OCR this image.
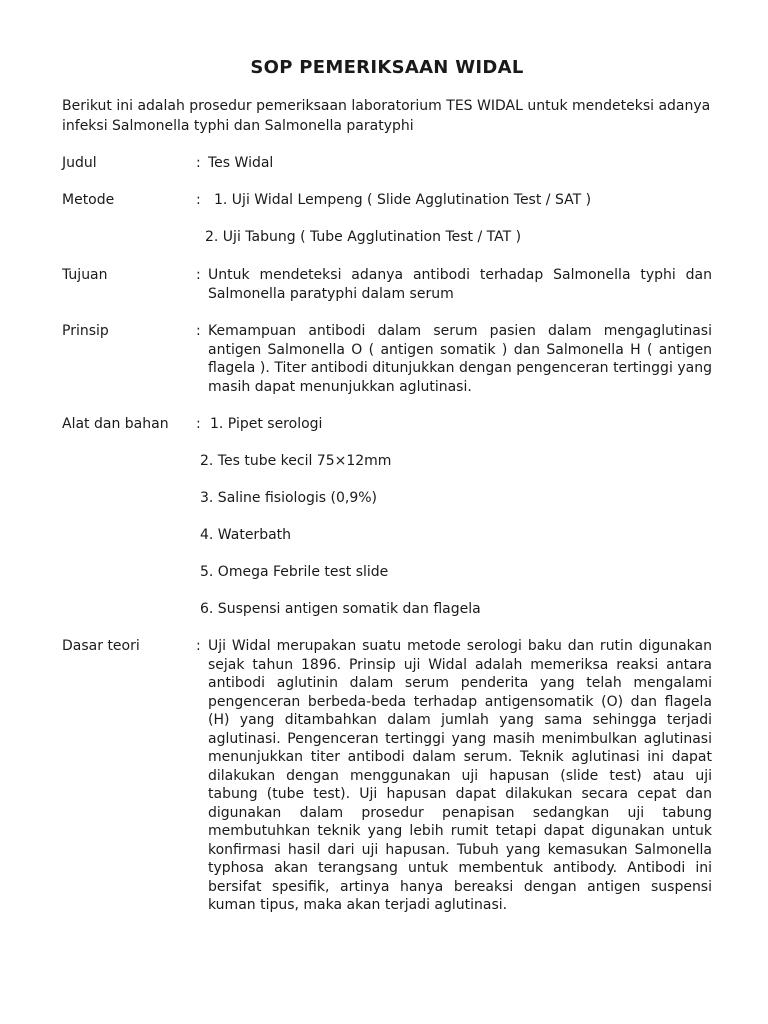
SOP PEMERIKSAAN WIDAL

Berikut ini adalah prosedur pemeriksaan laboratorium TES WIDAL untuk mendeteksi adanya infeksi Salmonella typhi dan Salmonella paratyphi

Judul	: Tes Widal
Metode	: 1. Uji Widal Lempeng ( Slide Agglutination Test / SAT )
2. Uji Tabung ( Tube Agglutination Test / TAT )
Tujuan	: Untuk mendeteksi adanya antibodi terhadap Salmonella typhi dan Salmonella paratyphi dalam serum
Prinsip	: Kemampuan antibodi dalam serum pasien dalam mengaglutinasi antigen Salmonella O ( antigen somatik ) dan Salmonella H ( antigen flagela ). Titer antibodi ditunjukkan dengan pengenceran tertinggi yang masih dapat menunjukkan aglutinasi.
Alat dan bahan : 1. Pipet serologi
2. Tes tube kecil 75×12mm
3. Saline fisiologis (0,9%)
4. Waterbath
5. Omega Febrile test slide
6. Suspensi antigen somatik dan flagela
Dasar teori	: Uji Widal merupakan suatu metode serologi baku dan rutin digunakan sejak tahun 1896. Prinsip uji Widal adalah memeriksa reaksi antara antibodi aglutinin dalam serum penderita yang telah mengalami pengenceran berbeda-beda terhadap antigensomatik (O) dan flagela (H) yang ditambahkan dalam jumlah yang sama sehingga terjadi aglutinasi. Pengenceran tertinggi yang masih menimbulkan aglutinasi menunjukkan titer antibodi dalam serum. Teknik aglutinasi ini dapat dilakukan dengan menggunakan uji hapusan (slide test) atau uji tabung (tube test). Uji hapusan dapat dilakukan secara cepat dan digunakan dalam prosedur penapisan sedangkan uji tabung membutuhkan teknik yang lebih rumit tetapi dapat digunakan untuk konfirmasi hasil dari uji hapusan. Tubuh yang kemasukan Salmonella typhosa akan terangsang untuk membentuk antibody. Antibodi ini bersifat spesifik, artinya hanya bereaksi dengan antigen suspensi kuman tipus, maka akan terjadi aglutinasi.
